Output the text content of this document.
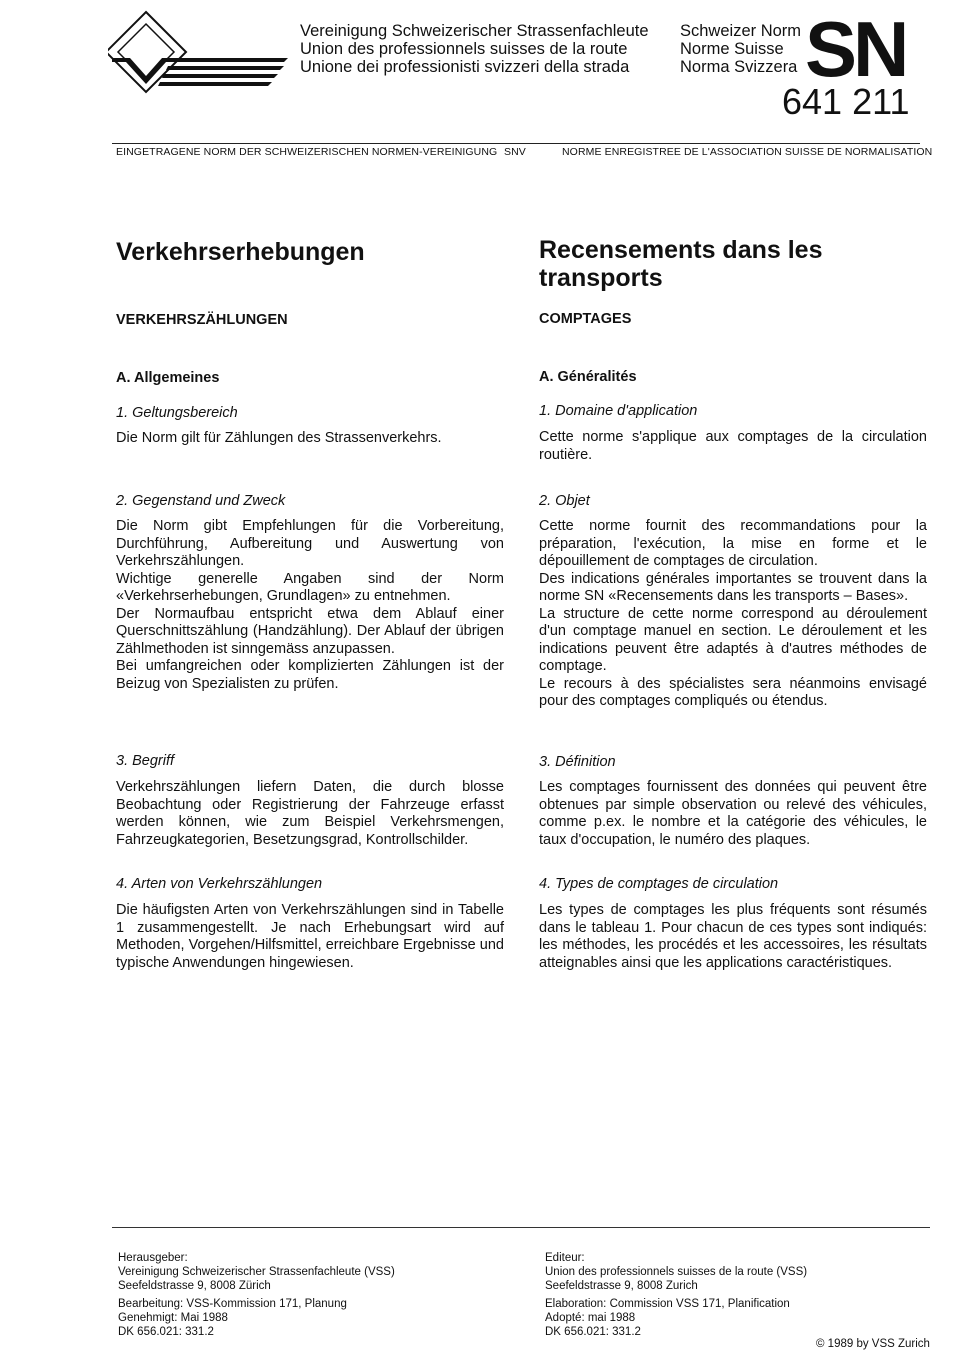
Vereinigung Schweizerischer Strassenfachleute
Union des professionnels suisses de la route
Unione dei professionisti svizzeri della strada
Schweizer Norm
Norme Suisse
Norma Svizzera SN
641 211
EINGETRAGENE NORM DER SCHWEIZERISCHEN NORMEN-VEREINIGUNG SNV	NORME ENREGISTREE DE L'ASSOCIATION SUISSE DE NORMALISATION
Verkehrserhebungen
VERKEHRSZÄHLUNGEN
A. Allgemeines
1. Geltungsbereich

Die Norm gilt für Zählungen des Strassenverkehrs.

2. Gegenstand und Zweck

Die Norm gibt Empfehlungen für die Vorbereitung, Durchführung, Aufbereitung und Auswertung von Verkehrszählungen.

Wichtige generelle Angaben sind der Norm «Verkehrserhebungen, Grundlagen» zu entnehmen.

Der Normaufbau entspricht etwa dem Ablauf einer Querschnittszählung (Handzählung). Der Ablauf der übrigen Zählmethoden ist sinngemäss anzupassen.

Bei umfangreichen oder komplizierten Zählungen ist der Beizug von Spezialisten zu prüfen.

3. Begriff

Verkehrszählungen liefern Daten, die durch blosse Beobachtung oder Registrierung der Fahrzeuge erfasst werden können, wie zum Beispiel Verkehrsmengen, Fahrzeugkategorien, Besetzungsgrad, Kontrollschilder.

4. Arten von Verkehrszählungen

Die häufigsten Arten von Verkehrszählungen sind in Tabelle 1 zusammengestellt. Je nach Erhebungsart wird auf Methoden, Vorgehen/Hilfsmittel, erreichbare Ergebnisse und typische Anwendungen hingewiesen.

Recensements dans les transports
COMPTAGES
A. Généralités
1. Domaine d'application

Cette norme s'applique aux comptages de la circulation routière.

2. Objet

Cette norme fournit des recommandations pour la préparation, l'exécution, la mise en forme et le dépouillement de comptages de circulation.

Des indications générales importantes se trouvent dans la norme SN «Recensements dans les transports – Bases».

La structure de cette norme correspond au déroulement d'un comptage manuel en section. Le déroulement et les indications peuvent être adaptés à d'autres méthodes de comptage.

Le recours à des spécialistes sera néanmoins envisagé pour des comptages compliqués ou étendus.

3. Définition

Les comptages fournissent des données qui peuvent être obtenues par simple observation ou relevé des véhicules, comme p.ex. le nombre et la catégorie des véhicules, le taux d'occupation, le numéro des plaques.

4. Types de comptages de circulation

Les types de comptages les plus fréquents sont résumés dans le tableau 1. Pour chacun de ces types sont indiqués: les méthodes, les procédés et les accessoires, les résultats atteignables ainsi que les applications caractéristiques.

Herausgeber:
Vereinigung Schweizerischer Strassenfachleute (VSS)
Seefeldstrasse 9, 8008 Zürich
Bearbeitung: VSS-Kommission 171, Planung
Genehmigt: Mai 1988
DK 656.021: 331.2
Editeur:
Union des professionnels suisses de la route (VSS)
Seefeldstrasse 9, 8008 Zurich
Elaboration: Commission VSS 171, Planification
Adopté: mai 1988
DK 656.021: 331.2
© 1989 by VSS Zurich
